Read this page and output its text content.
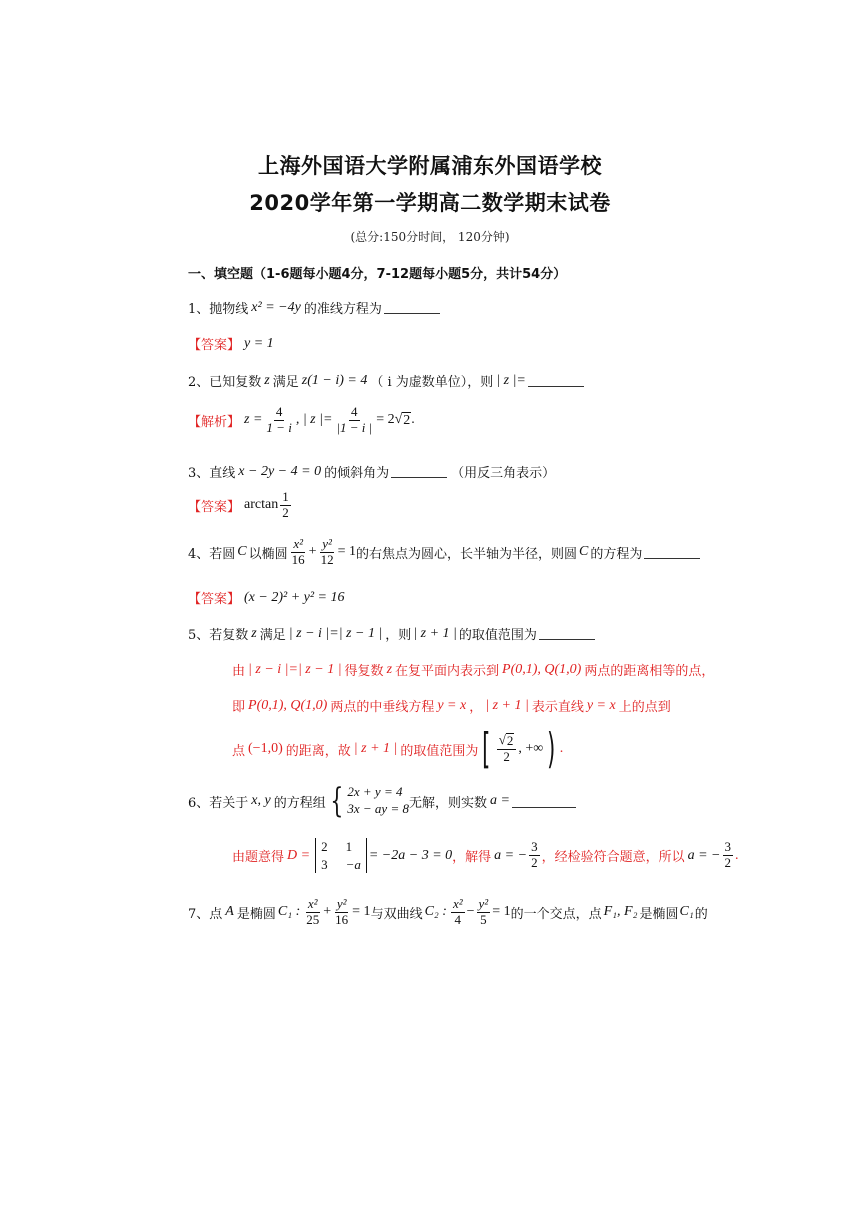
上海外国语大学附属浦东外国语学校
2020学年第一学期高二数学期末试卷
(总分:150分时间， 120分钟)
一、填空题（1-6题每小题4分，7-12题每小题5分，共计54分）
1、 抛物线 x² = −4y 的准线方程为
【答案】 y = 1
2、 已知复数 z 满足 z(1 − i) = 4 （ i 为虚数单位），则 | z |=
【解析】 $z = \frac{4}{1 - i}$ , | z |= $\frac{4}{|1 - i |} = 2$ √ 2 .
3、 直线 x − 2y − 4 = 0 的倾斜角为	（用反三角表示）
【答案】 $\arctan \frac{1}{2}$
4、 若圆 C 以椭圆 $\frac{\text{x²}}{16} + \frac{\text{y²}}{12} = 1$ 的右焦点为圆心，长半轴为半径，则圆 C 的方程为
【答案】 (x − 2)² + y² = 16
5、 若复数 z 满足 | z − i |=| z − 1 | ，则 | z + 1 | 的取值范围为
由 | z − i |=| z − 1 | 得复数 z 在复平面内表示到 P(0,1), Q(1,0) 两点的距离相等的点，
即 P(0,1), Q(1,0) 两点的中垂线方程 y = x ， | z + 1 | 表示直线 y = x 上的点到
点 (−1,0) 的距离，故 | z + 1 | 的取值范围为 [ $\frac{√ 2}{2}$ , +∞ ) .
6、 若关于 x, y 的方程组 { 2x + y = 4
3x − ay = 8 无解，则实数 a =
由题意得 D =
2 1
3 −a
= −2a − 3 = 0 ，解得 a = − $\frac{3}{2}$ ，经检验符合题意，所以 a = − $\frac{3}{2}$ .
7、 点 A 是椭圆 C₁ : $\frac{\text{x²}}{25} + \frac{\text{y²}}{16} = 1$ 与双曲线 C₂ : $\frac{\text{x²}}{4} - \frac{\text{y²}}{5} = 1$ 的一个交点，点 F₁, F₂ 是椭圆 C₁ 的
